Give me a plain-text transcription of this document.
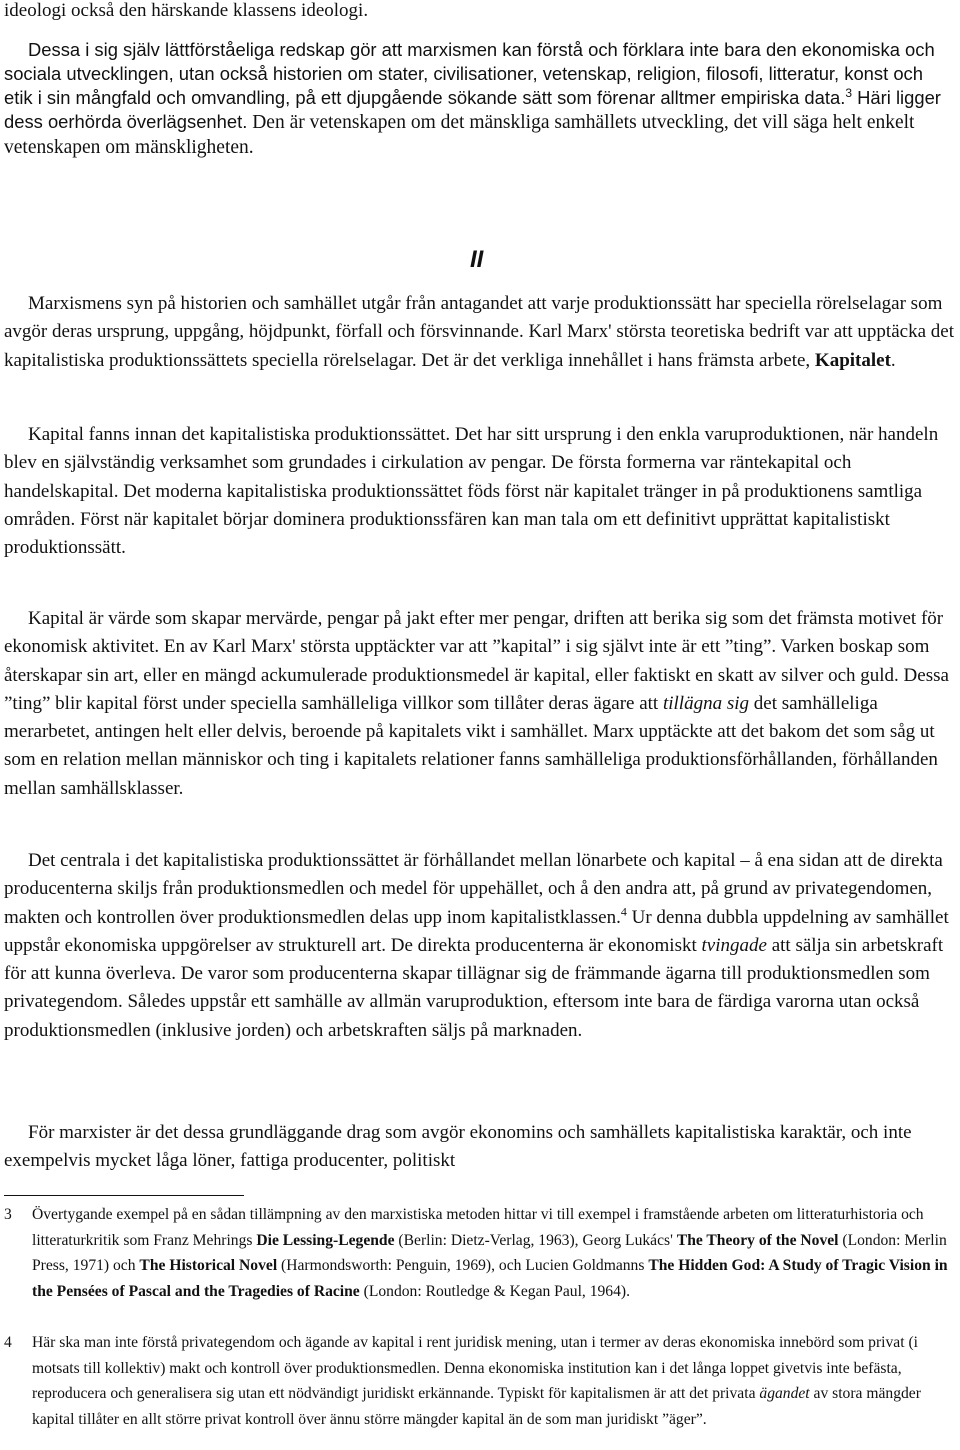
ideologi också den härskande klassens ideologi.

Dessa i sig själv lättförståeliga redskap gör att marxismen kan förstå och förklara inte bara den ekonomiska och sociala utvecklingen, utan också historien om stater, civilisationer, vetenskap, religion, filosofi, litteratur, konst och etik i sin mångfald och omvandling, på ett djupgående sökande sätt som förenar alltmer empiriska data.$^3$ Häri ligger dess oerhörda överlägsenhet. Den är vetenskapen om det mänskliga samhällets utveckling, det vill säga helt enkelt vetenskapen om mänskligheten.

II

Marxismens syn på historien och samhället utgår från antagandet att varje produktionssätt har speciella rörelselagar som avgör deras ursprung, uppgång, höjdpunkt, förfall och försvinnande. Karl Marx' största teoretiska bedrift var att upptäcka det kapitalistiska produktionssättets speciella rörelselagar. Det är det verkliga innehållet i hans främsta arbete, Kapitalet.

Kapital fanns innan det kapitalistiska produktionssättet. Det har sitt ursprung i den enkla varuproduktionen, när handeln blev en självständig verksamhet som grundades i cirkulation av pengar. De första formerna var räntekapital och handelskapital. Det moderna kapitalistiska produktionssättet föds först när kapitalet tränger in på produktionens samtliga områden. Först när kapitalet börjar dominera produktionssfären kan man tala om ett definitivt upprättat kapitalistiskt produktionssätt.

Kapital är värde som skapar mervärde, pengar på jakt efter mer pengar, driften att berika sig som det främsta motivet för ekonomisk aktivitet. En av Karl Marx' största upptäckter var att ”kapital” i sig självt inte är ett ”ting”. Varken boskap som återskapar sin art, eller en mängd ackumulerade produktionsmedel är kapital, eller faktiskt en skatt av silver och guld. Dessa ”ting” blir kapital först under speciella samhälleliga villkor som tillåter deras ägare att tillägna sig det samhälleliga merarbetet, antingen helt eller delvis, beroende på kapitalets vikt i samhället. Marx upptäckte att det bakom det som såg ut som en relation mellan människor och ting i kapitalets relationer fanns samhälleliga produktionsförhållanden, förhållanden mellan samhällsklasser.

Det centrala i det kapitalistiska produktionssättet är förhållandet mellan lönarbete och kapital – å ena sidan att de direkta producenterna skiljs från produktionsmedlen och medel för uppehället, och å den andra att, på grund av privategendomen, makten och kontrollen över produktionsmedlen delas upp inom kapitalistklassen.$^4$ Ur denna dubbla uppdelning av samhället uppstår ekonomiska uppgörelser av strukturell art. De direkta producenterna är ekonomiskt tvingade att sälja sin arbetskraft för att kunna överleva. De varor som producenterna skapar tillägnar sig de främmande ägarna till produktionsmedlen som privategendom. Således uppstår ett samhälle av allmän varuproduktion, eftersom inte bara de färdiga varorna utan också produktionsmedlen (inklusive jorden) och arbetskraften säljs på marknaden.

För marxister är det dessa grundläggande drag som avgör ekonomins och samhällets kapitalistiska karaktär, och inte exempelvis mycket låga löner, fattiga producenter, politiskt

3	Övertygande exempel på en sådan tillämpning av den marxistiska metoden hittar vi till exempel i framstående arbeten om litteraturhistoria och litteraturkritik som Franz Mehrings Die Lessing-Legende (Berlin: Dietz-Verlag, 1963), Georg Lukács' The Theory of the Novel (London: Merlin Press, 1971) och The Historical Novel (Harmondsworth: Penguin, 1969), och Lucien Goldmanns The Hidden God: A Study of Tragic Vision in the Pensées of Pascal and the Tragedies of Racine (London: Routledge & Kegan Paul, 1964).
4	Här ska man inte förstå privategendom och ägande av kapital i rent juridisk mening, utan i termer av deras ekonomiska innebörd som privat (i motsats till kollektiv) makt och kontroll över produktionsmedlen. Denna ekonomiska institution kan i det långa loppet givetvis inte befästa, reproducera och generalisera sig utan ett nödvändigt juridiskt erkännande. Typiskt för kapitalismen är att det privata ägandet av stora mängder kapital tillåter en allt större privat kontroll över ännu större mängder kapital än de som man juridiskt ”äger”.
